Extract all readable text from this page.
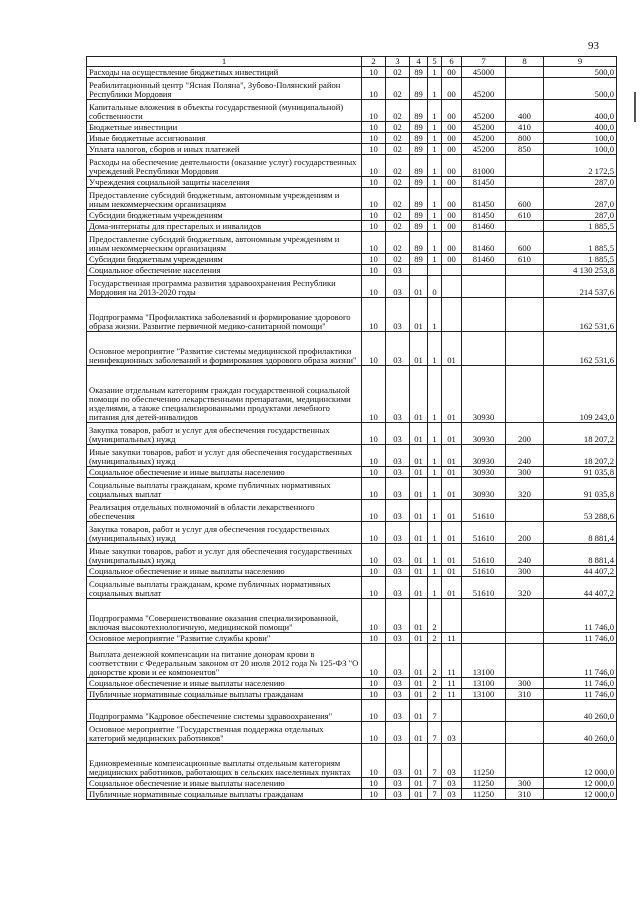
93
1	2	3	4	5	6	7	8	9
Расходы на осуществление бюджетных инвестиций	10	02	89	1	00	45000		500,0
Реабилитационный центр "Ясная Поляна", Зубово-Полянский район Республики Мордовия	10	02	89	1	00	45200		500,0
Капитальные вложения в объекты государственной (муниципальной) собственности	10	02	89	1	00	45200	400	400,0
Бюджетные инвестиции	10	02	89	1	00	45200	410	400,0
Иные бюджетные ассигнования	10	02	89	1	00	45200	800	100,0
Уплата налогов, сборов и иных платежей	10	02	89	1	00	45200	850	100,0
Расходы на обеспечение деятельности (оказание услуг) государственных учреждений Республики Мордовия	10	02	89	1	00	81000		2 172,5
Учреждения социальной защиты населения	10	02	89	1	00	81450		287,0
Предоставление субсидий бюджетным, автономным учреждениям и иным некоммерческим организациям	10	02	89	1	00	81450	600	287,0
Субсидии бюджетным учреждениям	10	02	89	1	00	81450	610	287,0
Дома-интернаты для престарелых и инвалидов	10	02	89	1	00	81460		1 885,5
Предоставление субсидий бюджетным, автономным учреждениям и иным некоммерческим организациям	10	02	89	1	00	81460	600	1 885,5
Субсидии бюджетным учреждениям	10	02	89	1	00	81460	610	1 885,5
Социальное обеспечение населения	10	03						4 130 253,8
Государственная программа развития здравоохранения Республики Мордовия на 2013-2020 годы	10	03	01	0				214 537,6
Подпрограмма "Профилактика заболеваний и формирование здорового образа жизни. Развитие первичной медико-санитарной помощи"	10	03	01	1				162 531,6
Основное мероприятие "Развитие системы медицинской профилактики неинфекционных заболеваний и формирования здорового образа жизни"	10	03	01	1	01			162 531,6
Оказание отдельным категориям граждан государственной социальной помощи по обеспечению лекарственными препаратами, медицинскими изделиями, а также специализированными продуктами лечебного питания для детей-инвалидов	10	03	01	1	01	30930		109 243,0
Закупка товаров, работ и услуг для обеспечения государственных (муниципальных) нужд	10	03	01	1	01	30930	200	18 207,2
Иные закупки товаров, работ и услуг для обеспечения государственных (муниципальных) нужд	10	03	01	1	01	30930	240	18 207,2
Социальное обеспечение и иные выплаты населению	10	03	01	1	01	30930	300	91 035,8
Социальные выплаты гражданам, кроме публичных нормативных социальных выплат	10	03	01	1	01	30930	320	91 035,8
Реализация отдельных полномочий в области лекарственного обеспечения	10	03	01	1	01	51610		53 288,6
Закупка товаров, работ и услуг для обеспечения государственных (муниципальных) нужд	10	03	01	1	01	51610	200	8 881,4
Иные закупки товаров, работ и услуг для обеспечения государственных (муниципальных) нужд	10	03	01	1	01	51610	240	8 881,4
Социальное обеспечение и иные выплаты населению	10	03	01	1	01	51610	300	44 407,2
Социальные выплаты гражданам, кроме публичных нормативных социальных выплат	10	03	01	1	01	51610	320	44 407,2
Подпрограмма "Совершенствование оказания специализированной, включая высокотехнологичную, медицинской помощи"	10	03	01	2				11 746,0
Основное мероприятие "Развитие службы крови"	10	03	01	2	11			11 746,0
Выплата денежной компенсации на питание донорам крови в соответствии с Федеральным законом от 20 июля 2012 года № 125-ФЗ "О донорстве крови и ее компонентов"	10	03	01	2	11	13100		11 746,0
Социальное обеспечение и иные выплаты населению	10	03	01	2	11	13100	300	11 746,0
Публичные нормативные социальные выплаты гражданам	10	03	01	2	11	13100	310	11 746,0
Подпрограмма "Кадровое обеспечение системы здравоохранения"	10	03	01	7				40 260,0
Основное мероприятие "Государственная поддержка отдельных категорий медицинских работников"	10	03	01	7	03			40 260,0
Единовременные компенсационные выплаты отдельным категориям медицинских работников, работающих в сельских населенных пунктах	10	03	01	7	03	11250		12 000,0
Социальное обеспечение и иные выплаты населению	10	03	01	7	03	11250	300	12 000,0
Публичные нормативные социальные выплаты гражданам	10	03	01	7	03	11250	310	12 000,0
